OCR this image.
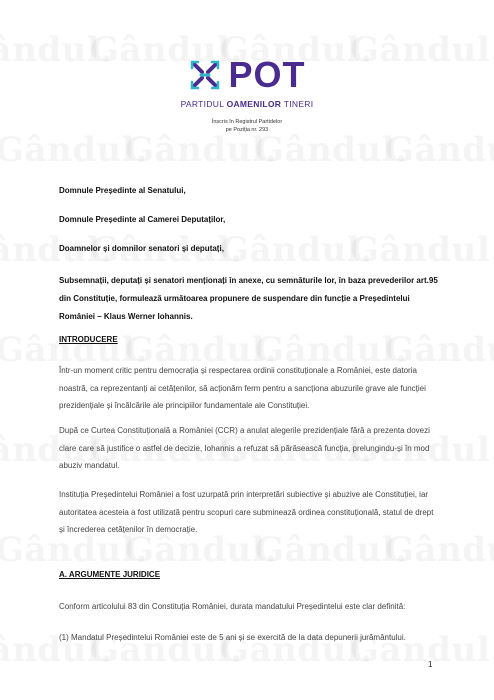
POT
PARTIDUL OAMENILOR TINERI
Înscris în Registrul Partidelor
pe Poziția nr. 293
Domnule Președinte al Senatului,
Domnule Președinte al Camerei Deputaților,
Doamnelor și domnilor senatori și deputați,
Subsemnații, deputați și senatori menționați în anexe, cu semnăturile lor, în baza prevederilor art.95 din Constituție, formulează următoarea propunere de suspendare din funcție a Președintelui României – Klaus Werner Iohannis.
INTRODUCERE
Într-un moment critic pentru democrația și respectarea ordinii constituționale a României, este datoria noastră, ca reprezentanți ai cetățenilor, să acționăm ferm pentru a sancționa abuzurile grave ale funcției prezidențiale și încălcările ale principiilor fundamentale ale Constituției.
După ce Curtea Constituțională a României (CCR) a anulat alegerile prezidențiale fără a prezenta dovezi clare care să justifice o astfel de decizie, Iohannis a refuzat să părăsească funcția, prelungindu-și în mod abuziv mandatul.
Instituția Președintelui României a fost uzurpată prin interpretări subiective și abuzive ale Constituției, iar autoritatea acesteia a fost utilizată pentru scopuri care subminează ordinea constituțională, statul de drept și încrederea cetățenilor în democrație.
A. ARGUMENTE JURIDICE
Conform articolului 83 din Constituția României, durata mandatului Președintelui este clar definită:
(1) Mandatul Președintelui României este de 5 ani și se exercită de la data depunerii jurământului.
1
